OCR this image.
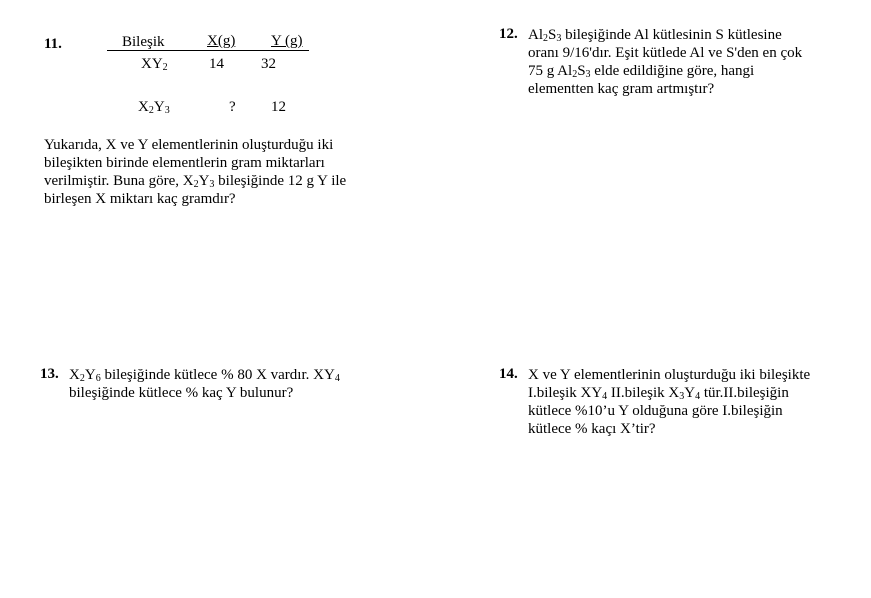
11.	Bileşik	X(g) Y (g)
$XY_2$	14 32
$X_2Y_3$	? 12
Yukarıda, X ve Y elementlerinin oluşturduğu iki
bileşikten birinde elementlerin gram miktarları
verilmiştir. Buna göre, $X_2Y_3$ bileşiğinde 12 g Y ile
birleşen X miktarı kaç gramdır?
12. $Al_2S_3$ bileşiğinde Al kütlesinin S kütlesine
oranı 9/16'dır. Eşit kütlede Al ve S'den en çok
75 g $Al_2S_3$ elde edildiğine göre, hangi
elementten kaç gram artmıştır?
13. $X_2Y_6$ bileşiğinde kütlece % 80 X vardır. $XY_4$
bileşiğinde kütlece % kaç Y bulunur?
14. X ve Y elementlerinin oluşturduğu iki bileşikte
I.bileşik $XY_4$ II.bileşik $X_3Y_4$ tür.II.bileşiğin
kütlece %10’u Y olduğuna göre I.bileşiğin
kütlece % kaçı X’tir?
